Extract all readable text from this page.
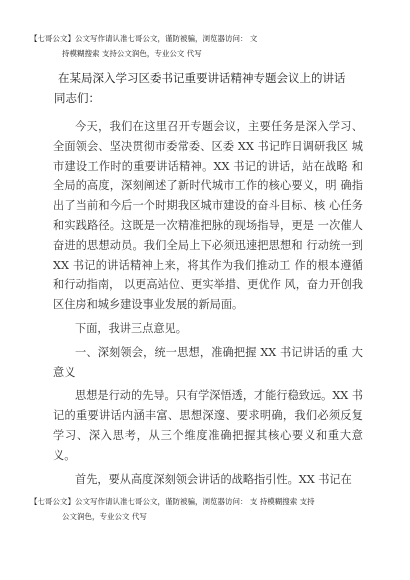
【七哥公文】公文写作请认准七哥公文，谨防被骗，浏览器访问： 文
持模糊搜索 支持公文润色，专业公文 代写
在某局深入学习区委书记重要讲话精神专题会议上的讲话
同志们：

今天，我们在这里召开专题会议，主要任务是深入学习、全面领会、坚决贯彻市委常委、区委 XX 书记昨日调研我区 城市建设工作时的重要讲话精神。XX 书记的讲话，站在战略 和全局的高度，深刻阐述了新时代城市工作的核心要义，明 确指出了当前和今后一个时期我区城市建设的奋斗目标、核 心任务和实践路径。这既是一次精准把脉的现场指导，更是 一次催人奋进的思想动员。我们全局上下必须迅速把思想和 行动统一到 XX 书记的讲话精神上来，将其作为我们推动工 作的根本遵循和行动指南， 以更高站位、更实举措、更优作 风，奋力开创我区住房和城乡建设事业发展的新局面。

下面，我讲三点意见。

一、深刻领会，统一思想，准确把握 XX 书记讲话的重 大意义

思想是行动的先导。只有学深悟透，才能行稳致远。XX 书记的重要讲话内涵丰富、思想深邃、要求明确，我们必须反复学习、深入思考，从三个维度准确把握其核心要义和重大意义。

首先，要从高度深刻领会讲话的战略指引性。XX 书记在

【七哥公文】公文写作请认准七哥公文，谨防被骗，浏览器访问： 支 持模糊搜索 支持
公文润色，专业公文 代写
